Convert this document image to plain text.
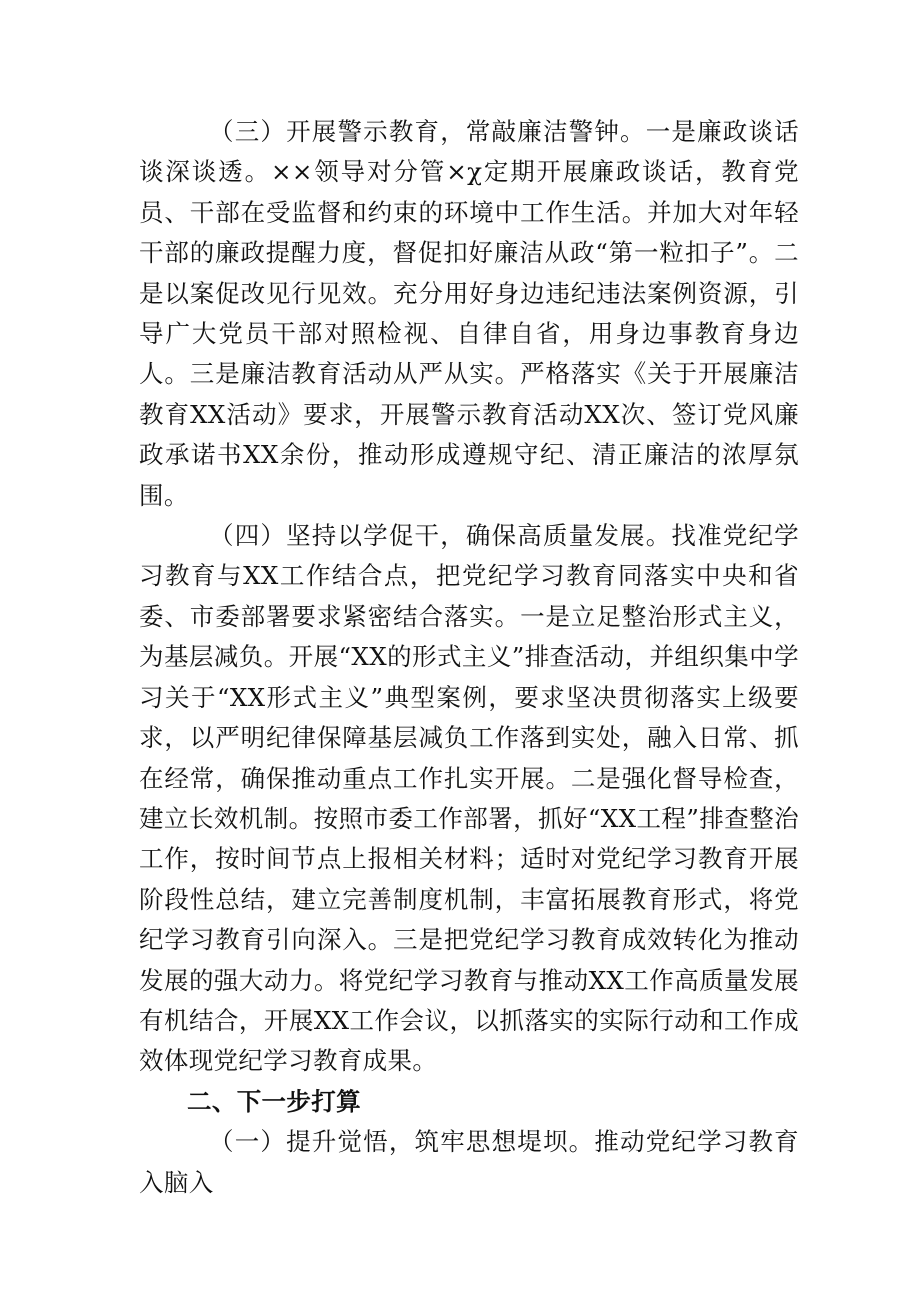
（三）开展警示教育，常敲廉洁警钟。一是廉政谈话谈深谈透。××领导对分管×χ定期开展廉政谈话，教育党员、干部在受监督和约束的环境中工作生活。并加大对年轻干部的廉政提醒力度，督促扣好廉洁从政“第一粒扣子”。二是以案促改见行见效。充分用好身边违纪违法案例资源，引导广大党员干部对照检视、自律自省，用身边事教育身边人。三是廉洁教育活动从严从实。严格落实《关于开展廉洁教育XX活动》要求，开展警示教育活动XX次、签订党风廉政承诺书XX余份，推动形成遵规守纪、清正廉洁的浓厚氛围。

（四）坚持以学促干，确保高质量发展。找准党纪学习教育与XX工作结合点，把党纪学习教育同落实中央和省委、市委部署要求紧密结合落实。一是立足整治形式主义，为基层减负。开展“XX的形式主义”排查活动，并组织集中学习关于“XX形式主义”典型案例，要求坚决贯彻落实上级要求，以严明纪律保障基层减负工作落到实处，融入日常、抓在经常，确保推动重点工作扎实开展。二是强化督导检查，建立长效机制。按照市委工作部署，抓好“XX工程”排查整治工作，按时间节点上报相关材料；适时对党纪学习教育开展阶段性总结，建立完善制度机制，丰富拓展教育形式，将党纪学习教育引向深入。三是把党纪学习教育成效转化为推动发展的强大动力。将党纪学习教育与推动XX工作高质量发展有机结合，开展XX工作会议，以抓落实的实际行动和工作成效体现党纪学习教育成果。

二、下一步打算

（一）提升觉悟，筑牢思想堤坝。推动党纪学习教育入脑入
